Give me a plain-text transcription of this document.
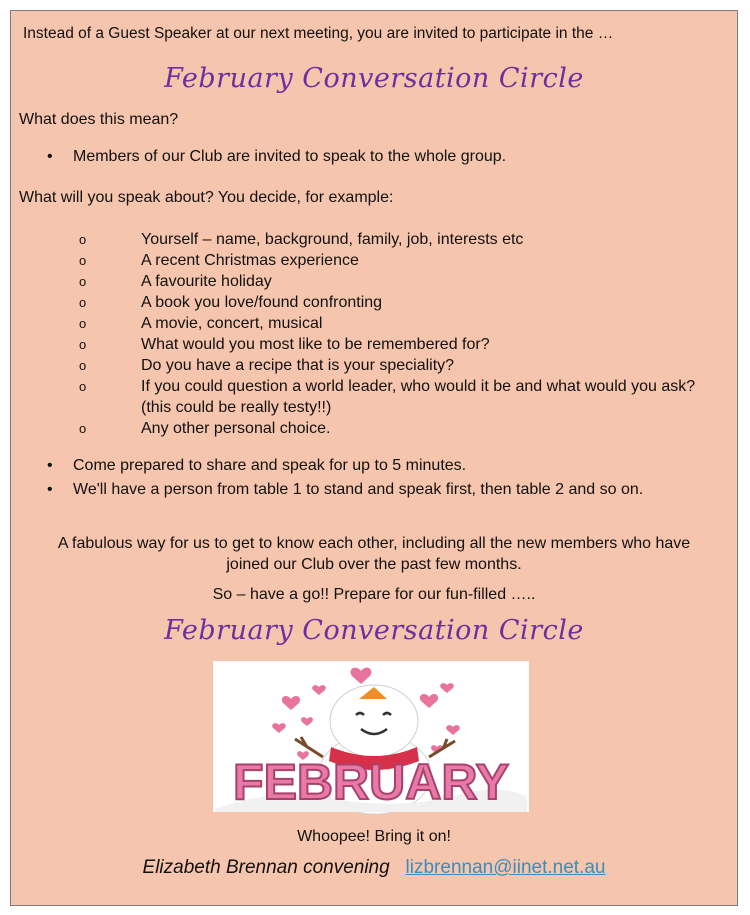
Instead of a Guest Speaker at our next meeting, you are invited to participate in the …
February Conversation Circle
What does this mean?
•	Members of our Club are invited to speak to the whole group.
What will you speak about? You decide, for example:
o	Yourself – name, background, family, job, interests etc
o	A recent Christmas experience
o	A favourite holiday
o	A book you love/found confronting
o	A movie, concert, musical
o	What would you most like to be remembered for?
o	Do you have a recipe that is your speciality?
o	If you could question a world leader, who would it be and what would you ask? (this could be really testy!!)
o	Any other personal choice.
•	Come prepared to share and speak for up to 5 minutes.
•	We'll have a person from table 1 to stand and speak first, then table 2 and so on.
A fabulous way for us to get to know each other, including all the new members who have joined our Club over the past few months.
So – have a go!! Prepare for our fun-filled …..
February Conversation Circle
FEBRUARY
Whoopee! Bring it on!
Elizabeth Brennan convening lizbrennan@iinet.net.au
